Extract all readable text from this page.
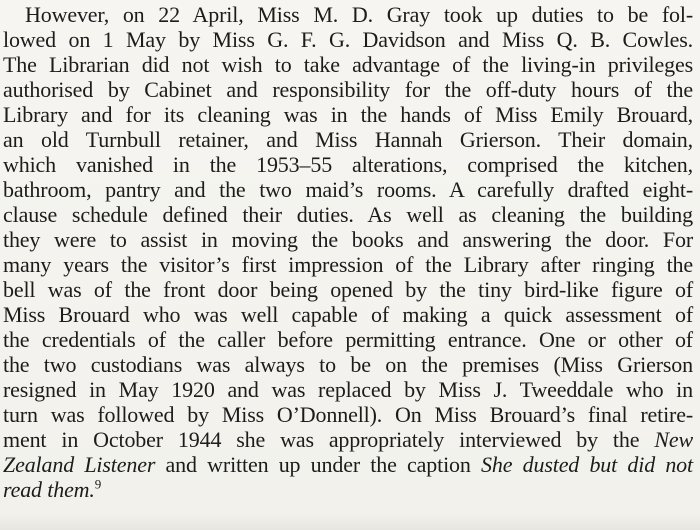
However, on 22 April, Miss M. D. Gray took up duties to be fol-
lowed on 1 May by Miss G. F. G. Davidson and Miss Q. B. Cowles.
The Librarian did not wish to take advantage of the living-in privileges
authorised by Cabinet and responsibility for the off-duty hours of the
Library and for its cleaning was in the hands of Miss Emily Brouard,
an old Turnbull retainer, and Miss Hannah Grierson. Their domain,
which vanished in the 1953–55 alterations, comprised the kitchen,
bathroom, pantry and the two maid’s rooms. A carefully drafted eight-
clause schedule defined their duties. As well as cleaning the building
they were to assist in moving the books and answering the door. For
many years the visitor’s first impression of the Library after ringing the
bell was of the front door being opened by the tiny bird-like figure of
Miss Brouard who was well capable of making a quick assessment of
the credentials of the caller before permitting entrance. One or other of
the two custodians was always to be on the premises (Miss Grierson
resigned in May 1920 and was replaced by Miss J. Tweeddale who in
turn was followed by Miss O’Donnell). On Miss Brouard’s final retire-
ment in October 1944 she was appropriately interviewed by the New
Zealand Listener and written up under the caption She dusted but did not
read them.$^9$
